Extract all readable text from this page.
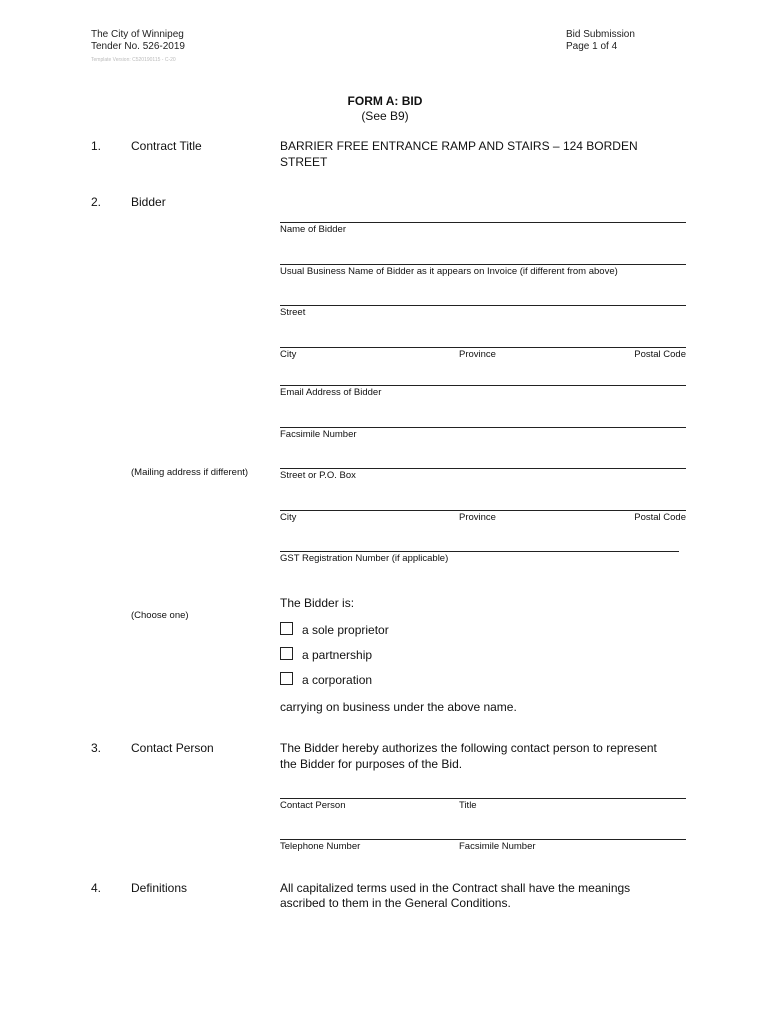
The City of Winnipeg
Tender No. 526-2019
Template Version: C520190115 - C-20
Bid Submission
Page 1 of 4
FORM A: BID
(See B9)
1. Contract Title	BARRIER FREE ENTRANCE RAMP AND STAIRS – 124 BORDEN
STREET
2. Bidder
Name of Bidder
Usual Business Name of Bidder as it appears on Invoice (if different from above)
Street
City	Province	Postal Code
Email Address of Bidder
Facsimile Number
(Mailing address if different)	Street or P.O. Box
City	Province	Postal Code
GST Registration Number (if applicable)
(Choose one)
The Bidder is:
a sole proprietor
a partnership
a corporation
carrying on business under the above name.
3. Contact Person	The Bidder hereby authorizes the following contact person to represent
the Bidder for purposes of the Bid.
Contact Person	Title
Telephone Number	Facsimile Number
4. Definitions	All capitalized terms used in the Contract shall have the meanings
ascribed to them in the General Conditions.
